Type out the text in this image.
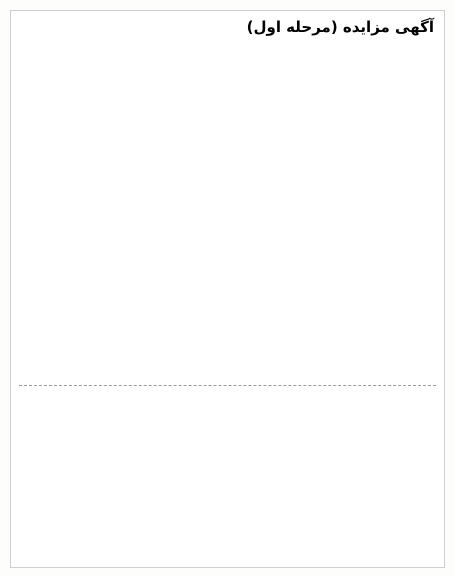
آگهی مزایده (مرحله اول)
